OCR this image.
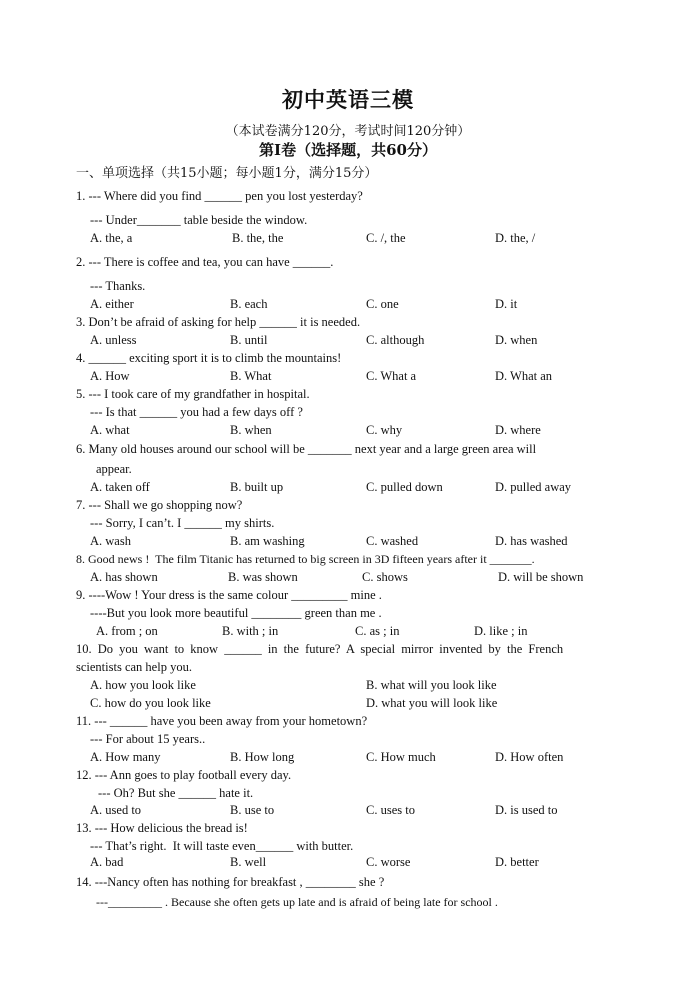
初中英语三模
（本试卷满分120分，考试时间120分钟）
第I卷（选择题，共60分）
一、单项选择（共15小题；每小题1分，满分15分）
1. --- Where did you find ______ pen you lost yesterday?
--- Under_______ table beside the window.
A. the, a	B. the, the	C. /, the	D. the, /
2. --- There is coffee and tea, you can have ______.
--- Thanks.
A. either	B. each	C. one	D. it
3. Don’t be afraid of asking for help ______ it is needed.
A. unless	B. until	C. although	D. when
4. ______ exciting sport it is to climb the mountains!
A. How	B. What	C. What a	D. What an
5. --- I took care of my grandfather in hospital.
--- Is that ______ you had a few days off ?
A. what	B. when	C. why	D. where
6. Many old houses around our school will be _______ next year and a large green area will
appear.
A. taken off	B. built up	C. pulled down	D. pulled away
7. --- Shall we go shopping now?
--- Sorry, I can’t. I ______ my shirts.
A. wash	B. am washing	C. washed	D. has washed
8. Good news !  The film Titanic has returned to big screen in 3D fifteen years after it _______.
A. has shown	B. was shown	C. shows	D. will be shown
9. ----Wow ! Your dress is the same colour _________ mine .
----But you look more beautiful ________ green than me .
A. from ; on	B. with ; in	C. as ; in	D. like ; in
10. Do you want to know ______ in the future? A special mirror invented by the French
scientists can help you.
A. how you look like	B. what will you look like
C. how do you look like	D. what you will look like
11. --- ______ have you been away from your hometown?
--- For about 15 years..
A. How many	B. How long	C. How much	D. How often
12. --- Ann goes to play football every day.
--- Oh? But she ______ hate it.
A. used to	B. use to	C. uses to	D. is used to
13. --- How delicious the bread is!
--- That’s right.  It will taste even______ with butter.
A. bad	B. well	C. worse	D. better
14. ---Nancy often has nothing for breakfast , ________ she ?
---_________ . Because she often gets up late and is afraid of being late for school .
